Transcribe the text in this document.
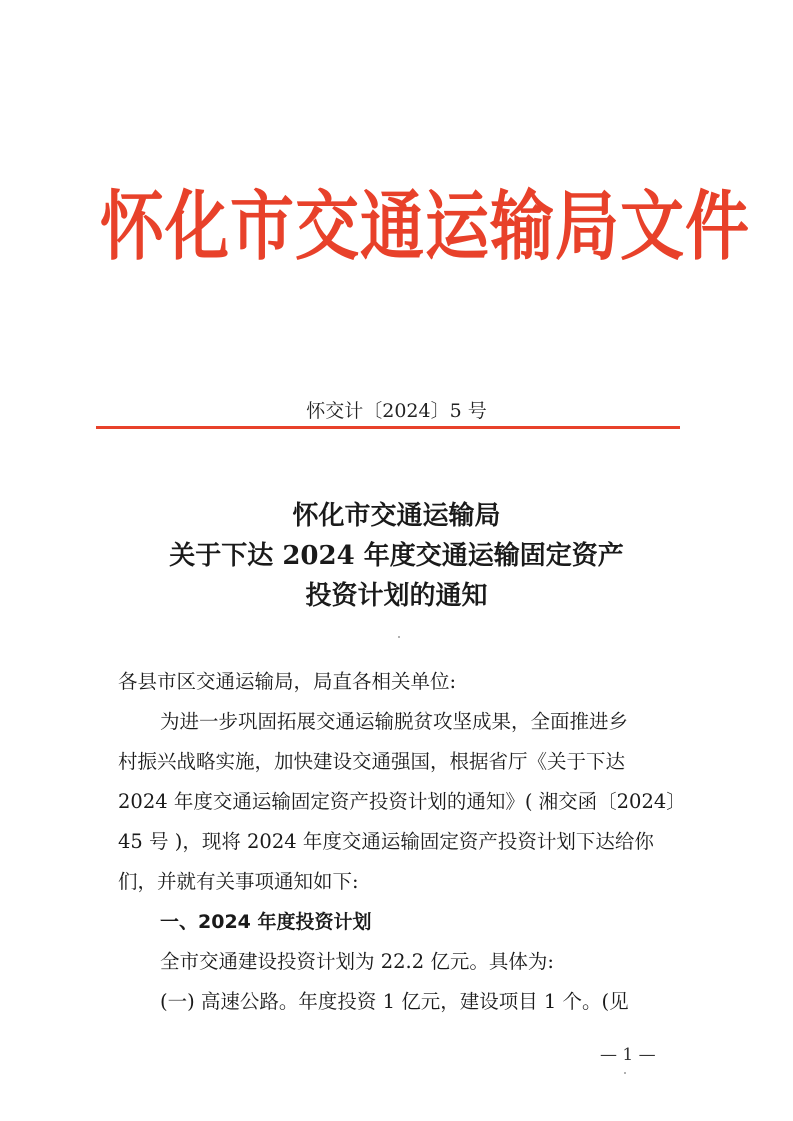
怀化市交通运输局文件
怀交计〔2024〕5 号
怀化市交通运输局
关于下达 2024 年度交通运输固定资产
投资计划的通知
各县市区交通运输局，局直各相关单位:
为进一步巩固拓展交通运输脱贫攻坚成果，全面推进乡
村振兴战略实施，加快建设交通强国，根据省厅《关于下达
2024 年度交通运输固定资产投资计划的通知》( 湘交函〔2024〕
45 号 )，现将 2024 年度交通运输固定资产投资计划下达给你
们，并就有关事项通知如下:
一、2024 年度投资计划
全市交通建设投资计划为 22.2 亿元。具体为:
(一) 高速公路。年度投资 1 亿元，建设项目 1 个。(见
— 1 —
